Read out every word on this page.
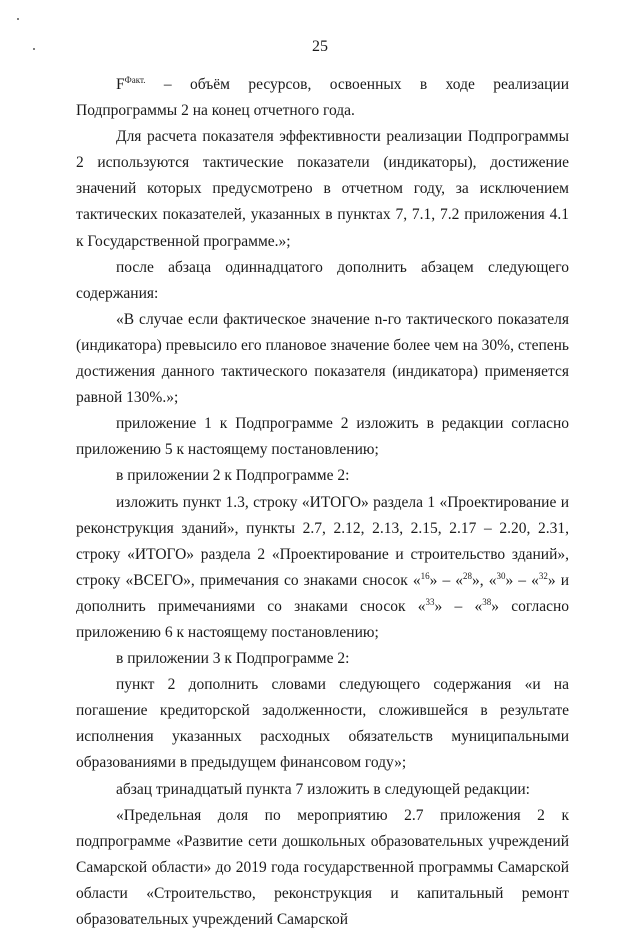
25

$F^{Факт.}$ – объём ресурсов, освоенных в ходе реализации Подпрограммы 2 на конец отчетного года.

Для расчета показателя эффективности реализации Подпрограммы 2 используются тактические показатели (индикаторы), достижение значений которых предусмотрено в отчетном году, за исключением тактических показателей, указанных в пунктах 7, 7.1, 7.2 приложения 4.1 к Государственной программе.»;

после абзаца одиннадцатого дополнить абзацем следующего содержания:

«В случае если фактическое значение n-го тактического показателя (индикатора) превысило его плановое значение более чем на 30%, степень достижения данного тактического показателя (индикатора) применяется равной 130%.»;

приложение 1 к Подпрограмме 2 изложить в редакции согласно приложению 5 к настоящему постановлению;

в приложении 2 к Подпрограмме 2:

изложить пункт 1.3, строку «ИТОГО» раздела 1 «Проектирование и реконструкция зданий», пункты 2.7, 2.12, 2.13, 2.15, 2.17 – 2.20, 2.31, строку «ИТОГО» раздела 2 «Проектирование и строительство зданий», строку «ВСЕГО», примечания со знаками сносок «$^{16}$» – «$^{28}$», «$^{30}$» – «$^{32}$» и дополнить примечаниями со знаками сносок «$^{33}$» – «$^{38}$» согласно приложению 6 к настоящему постановлению;

в приложении 3 к Подпрограмме 2:

пункт 2 дополнить словами следующего содержания «и на погашение кредиторской задолженности, сложившейся в результате исполнения указанных расходных обязательств муниципальными образованиями в предыдущем финансовом году»;

абзац тринадцатый пункта 7 изложить в следующей редакции:

«Предельная доля по мероприятию 2.7 приложения 2 к подпрограмме «Развитие сети дошкольных образовательных учреждений Самарской области» до 2019 года государственной программы Самарской области «Строительство, реконструкция и капитальный ремонт образовательных учреждений Самарской
